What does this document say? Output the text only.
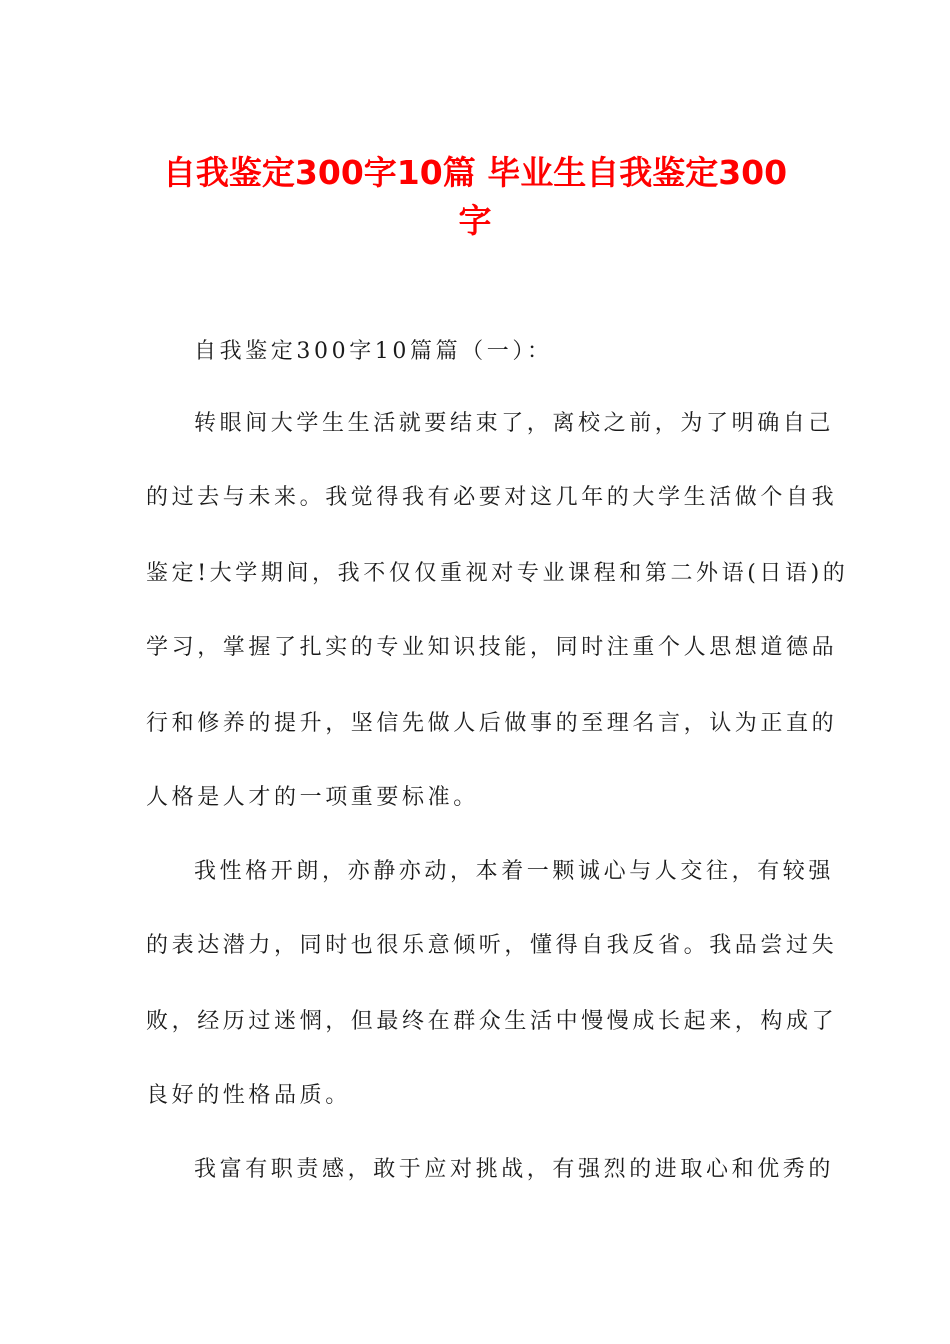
自我鉴定300字10篇 毕业生自我鉴定300
字
自我鉴定300字10篇篇（一）：
转眼间大学生生活就要结束了，离校之前，为了明确自己
的过去与未来。我觉得我有必要对这几年的大学生活做个自我
鉴定!大学期间，我不仅仅重视对专业课程和第二外语(日语)的
学习，掌握了扎实的专业知识技能，同时注重个人思想道德品
行和修养的提升，坚信先做人后做事的至理名言，认为正直的
人格是人才的一项重要标准。
我性格开朗，亦静亦动，本着一颗诚心与人交往，有较强
的表达潜力，同时也很乐意倾听，懂得自我反省。我品尝过失
败，经历过迷惘，但最终在群众生活中慢慢成长起来，构成了
良好的性格品质。
我富有职责感，敢于应对挑战，有强烈的进取心和优秀的
